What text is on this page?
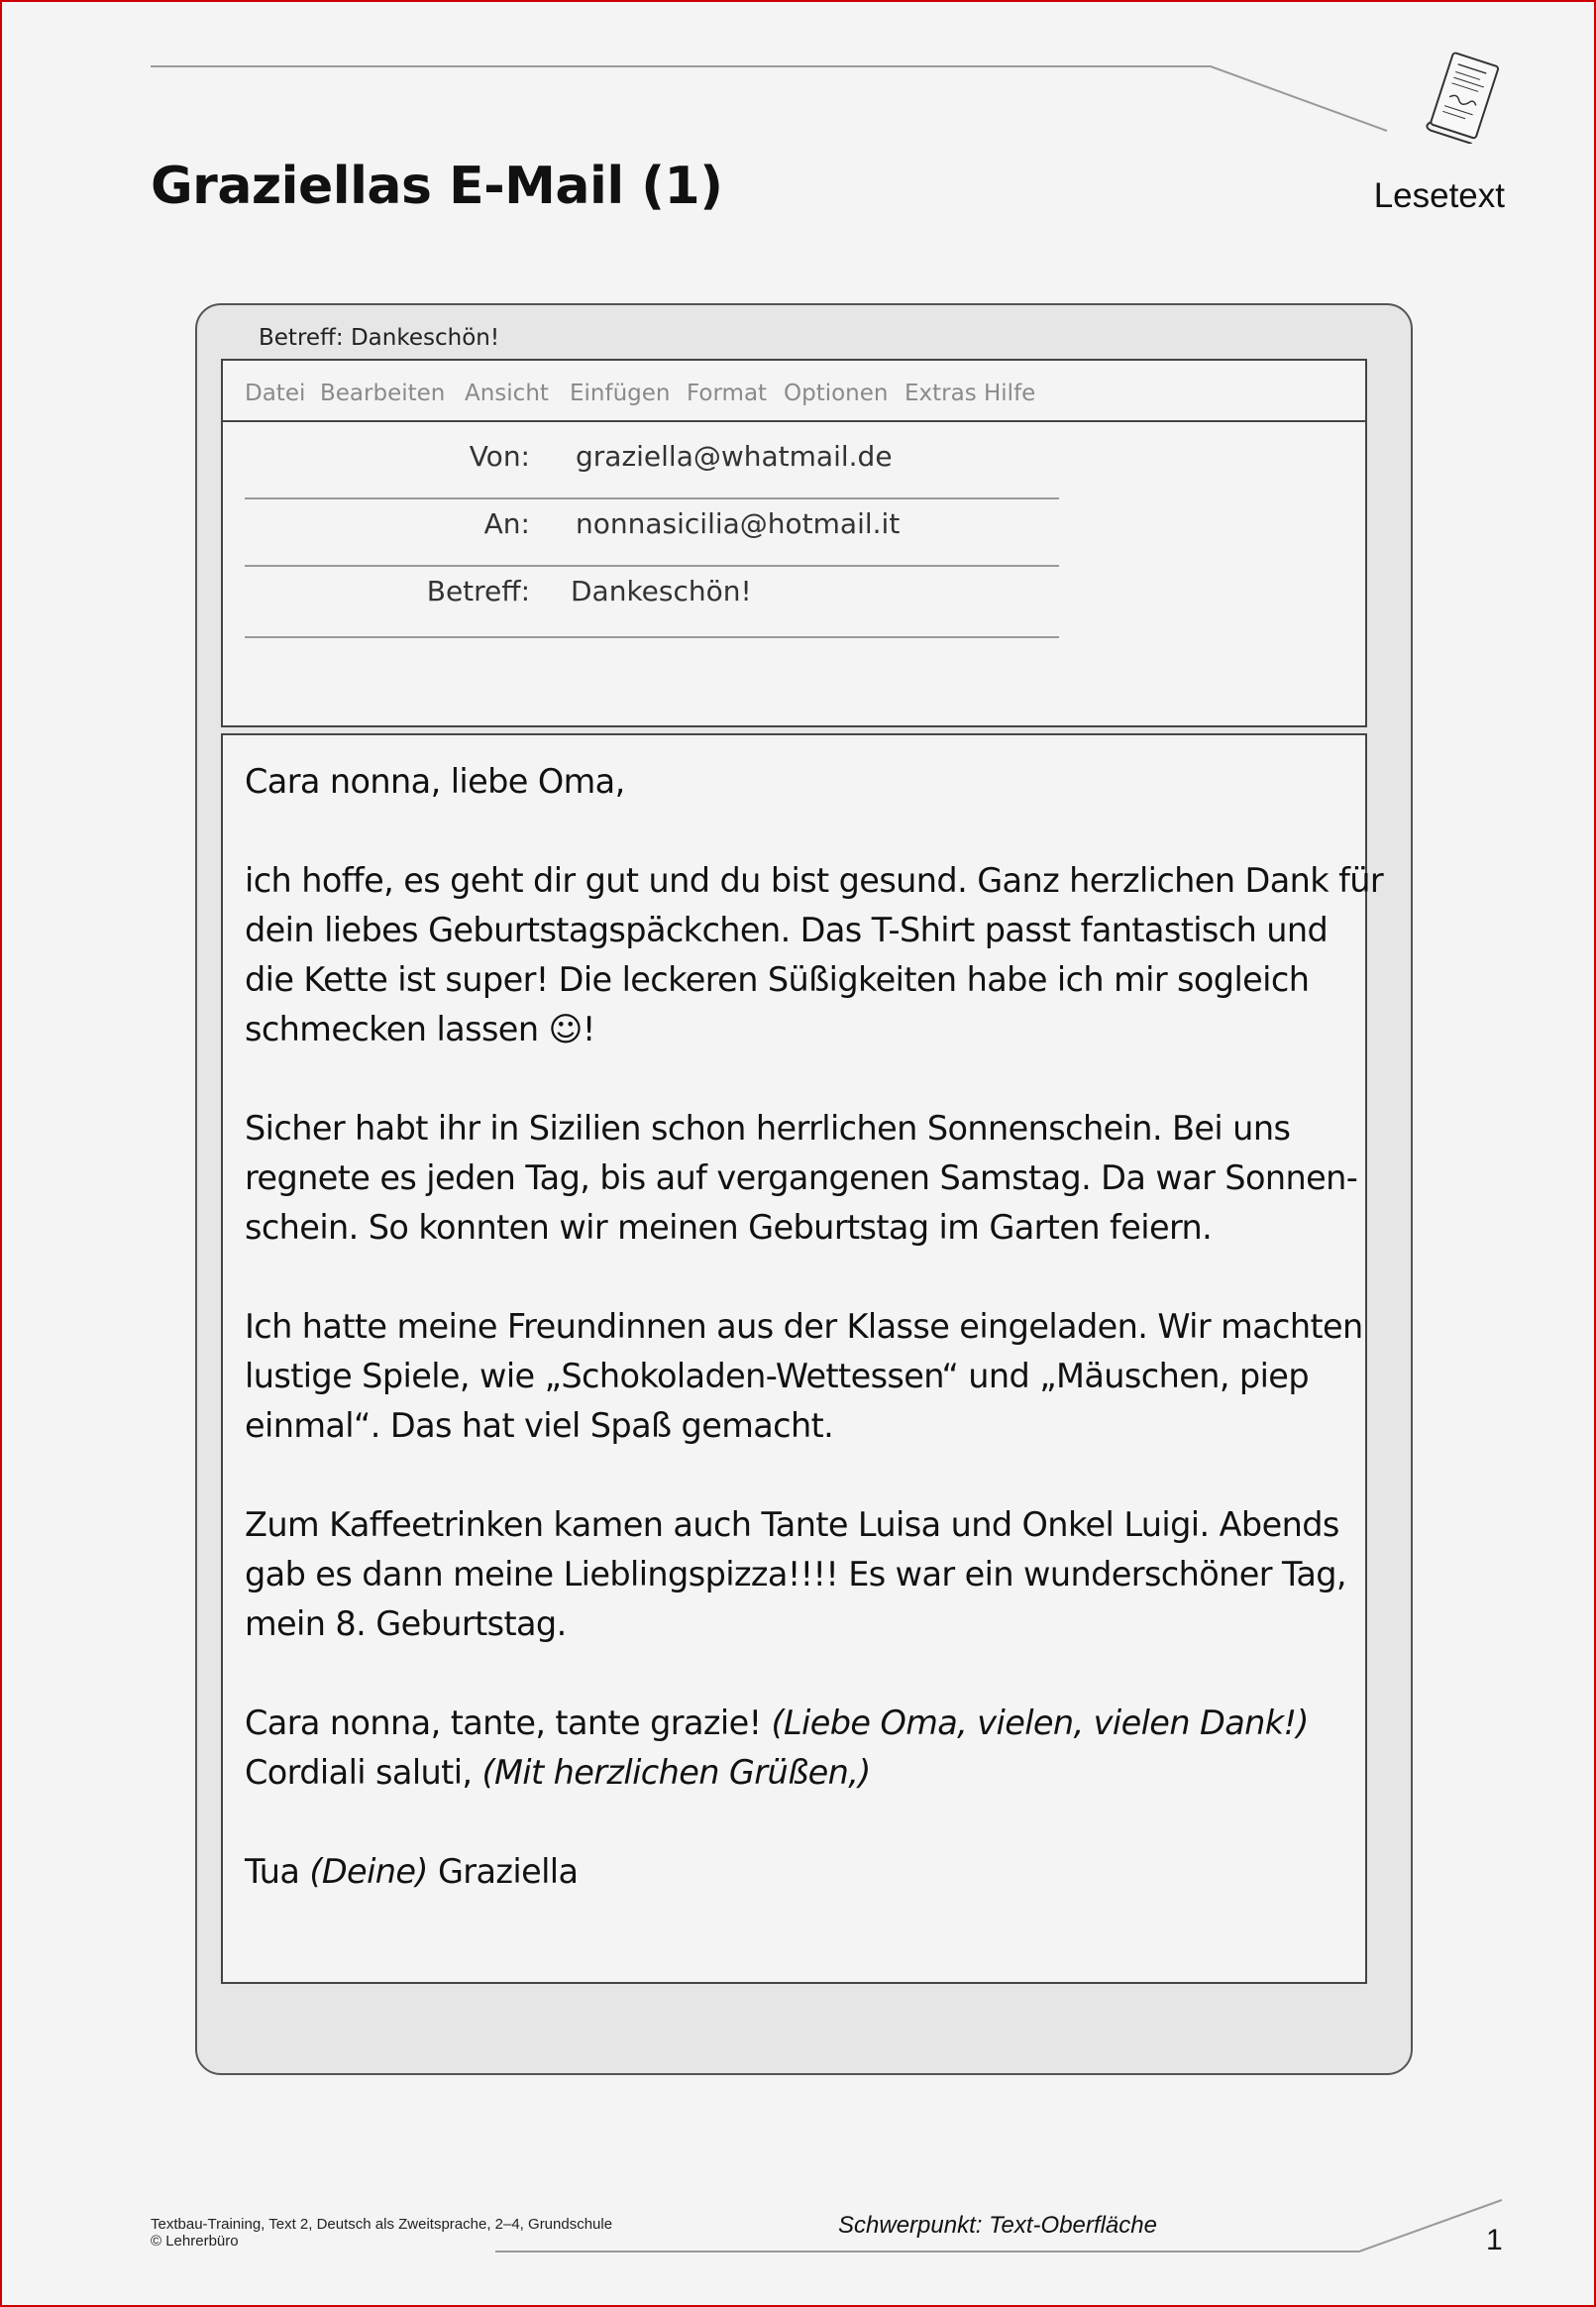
Graziellas E-Mail (1)	Lesetext
Betreff: Dankeschön!
Datei Bearbeiten Ansicht Einfügen Format Optionen Extras Hilfe
Von: graziella@whatmail.de
An: nonnasicilia@hotmail.it
Betreff: Dankeschön!

Cara nonna, liebe Oma,

ich hoffe, es geht dir gut und du bist gesund. Ganz herzlichen Dank für
dein liebes Geburtstagspäckchen. Das T-Shirt passt fantastisch und
die Kette ist super! Die leckeren Süßigkeiten habe ich mir sogleich
schmecken lassen ☺!

Sicher habt ihr in Sizilien schon herrlichen Sonnenschein. Bei uns
regnete es jeden Tag, bis auf vergangenen Samstag. Da war Sonnen-
schein. So konnten wir meinen Geburtstag im Garten feiern.

Ich hatte meine Freundinnen aus der Klasse eingeladen. Wir machten
lustige Spiele, wie „Schokoladen-Wettessen“ und „Mäuschen, piep
einmal“. Das hat viel Spaß gemacht.

Zum Kaffeetrinken kamen auch Tante Luisa und Onkel Luigi. Abends
gab es dann meine Lieblingspizza!!!! Es war ein wunderschöner Tag,
mein 8. Geburtstag.

Cara nonna, tante, tante grazie! (Liebe Oma, vielen, vielen Dank!)

Cordiali saluti, (Mit herzlichen Grüßen,)

Tua (Deine) Graziella

Textbau-Training, Text 2, Deutsch als Zweitsprache, 2–4, Grundschule
© Lehrerbüro
Schwerpunkt: Text-Oberfläche	1
